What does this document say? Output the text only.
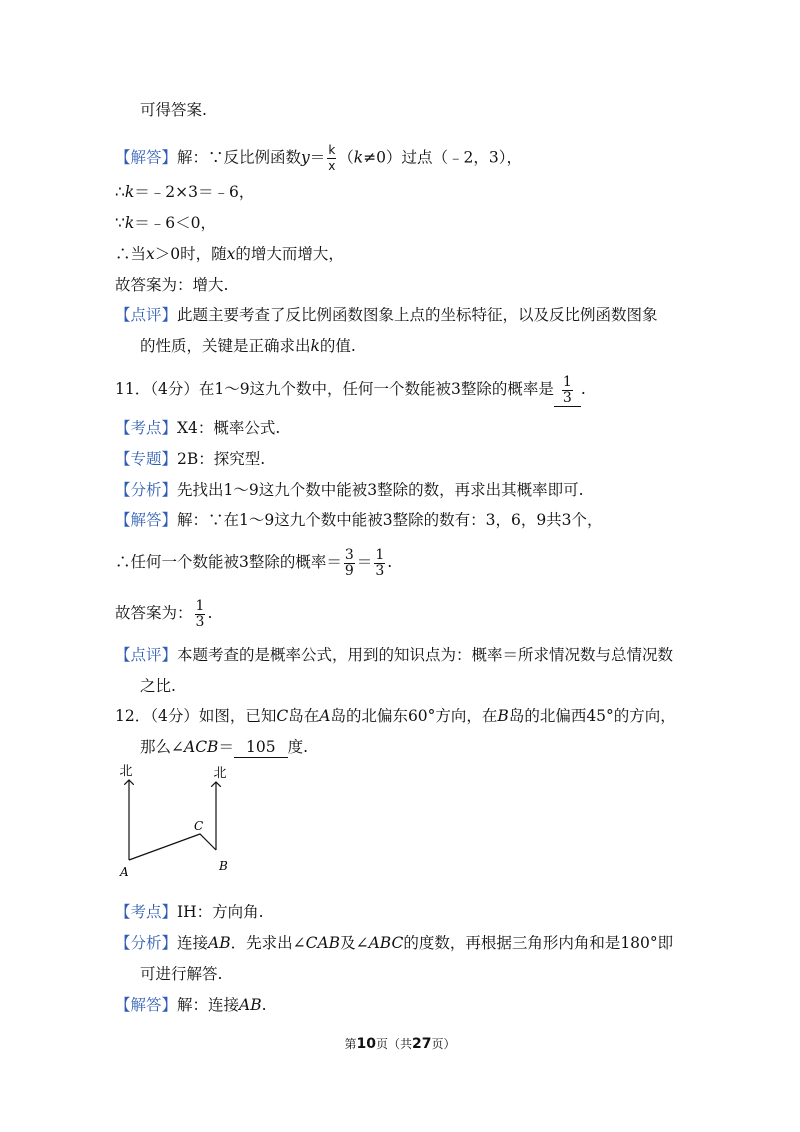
可得答案.
【解答】解：∵反比例函数$y= \frac{k}{x} (k\ne 0)$过点（﹣2，3），
∴k＝﹣2×3＝﹣6，
∵k＝﹣6＜0，
∴当x＞0时，随x的增大而增大，
故答案为：增大.
【点评】此题主要考查了反比例函数图象上点的坐标特征，以及反比例函数图象
的性质，关键是正确求出k的值.
11．（4分）在1～9这九个数中，任何一个数能被3整除的概率是 $\frac{1}{3}$ .
【考点】X4：概率公式.
【专题】2B：探究型.
【分析】先找出1～9这九个数中能被3整除的数，再求出其概率即可.
【解答】解：∵在1～9这九个数中能被3整除的数有：3，6，9共3个，
∴任何一个数能被3整除的概率＝ $\frac{3}{9} = \frac{1}{3}$ .
故答案为： $\frac{1}{3}$ .
【点评】本题考查的是概率公式，用到的知识点为：概率＝所求情况数与总情况数
之比.
12．（4分）如图，已知C岛在A岛的北偏东60°方向，在B岛的北偏西45°的方向，
那么∠ACB＝ 105 度.
北	北
A
C
B
【考点】IH：方向角.
【分析】连接AB．先求出∠CAB及∠ABC的度数，再根据三角形内角和是180°即
可进行解答.
【解答】解：连接AB.
第10页（共27页）
